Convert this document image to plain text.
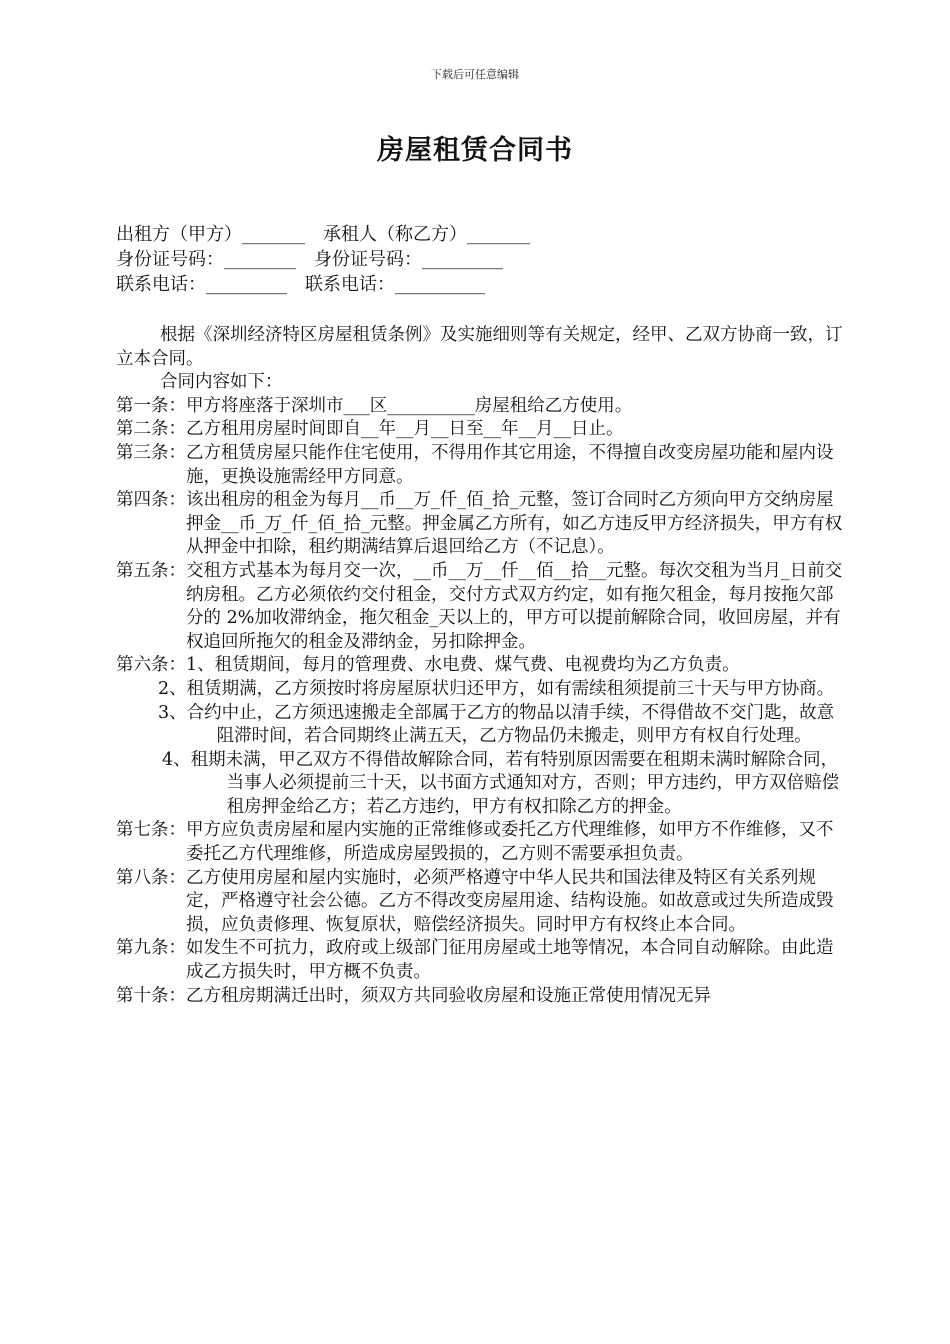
下载后可任意编辑
房屋租赁合同书
出租方（甲方）_______ 承租人（称乙方）_______
身份证号码：________ 身份证号码：_________
联系电话：_________ 联系电话：__________

根据《深圳经济特区房屋租赁条例》及实施细则等有关规定，经甲、乙双方协商一致，订立本合同。

合同内容如下：

第一条： 甲方将座落于深圳市___区__________房屋租给乙方使用。
第二条： 乙方租用房屋时间即自__年__月__日至__年__月__日止。
第三条： 乙方租赁房屋只能作住宅使用，不得用作其它用途，不得擅自改变房屋功能和屋内设施，更换设施需经甲方同意。
第四条： 该出租房的租金为每月__币__万_仟_佰_拾_元整，签订合同时乙方须向甲方交纳房屋押金__币_万_仟_佰_拾_元整。押金属乙方所有，如乙方违反甲方经济损失，甲方有权从押金中扣除，租约期满结算后退回给乙方（不记息）。
第五条： 交租方式基本为每月交一次，__币__万__仟__佰__拾__元整。每次交租为当月_日前交纳房租。乙方必须依约交付租金，交付方式双方约定，如有拖欠租金，每月按拖欠部分的 2%加收滞纳金，拖欠租金_天以上的，甲方可以提前解除合同，收回房屋，并有权追回所拖欠的租金及滞纳金，另扣除押金。
第六条： 1、租赁期间，每月的管理费、水电费、煤气费、电视费均为乙方负责。
2、 租赁期满，乙方须按时将房屋原状归还甲方，如有需续租须提前三十天与甲方协商。
3、 合约中止，乙方须迅速搬走全部属于乙方的物品以清手续，不得借故不交门匙，故意阻滞时间，若合同期终止满五天，乙方物品仍未搬走，则甲方有权自行处理。
4、 租期未满，甲乙双方不得借故解除合同，若有特别原因需要在租期未满时解除合同，当事人必须提前三十天，以书面方式通知对方，否则；甲方违约，甲方双倍赔偿租房押金给乙方；若乙方违约，甲方有权扣除乙方的押金。
第七条： 甲方应负责房屋和屋内实施的正常维修或委托乙方代理维修，如甲方不作维修，又不委托乙方代理维修，所造成房屋毁损的，乙方则不需要承担负责。
第八条： 乙方使用房屋和屋内实施时，必须严格遵守中华人民共和国法律及特区有关系列规定，严格遵守社会公德。乙方不得改变房屋用途、结构设施。如故意或过失所造成毁损，应负责修理、恢复原状，赔偿经济损失。同时甲方有权终止本合同。
第九条： 如发生不可抗力，政府或上级部门征用房屋或土地等情况，本合同自动解除。由此造成乙方损失时，甲方概不负责。
第十条： 乙方租房期满迁出时，须双方共同验收房屋和设施正常使用情况无异
